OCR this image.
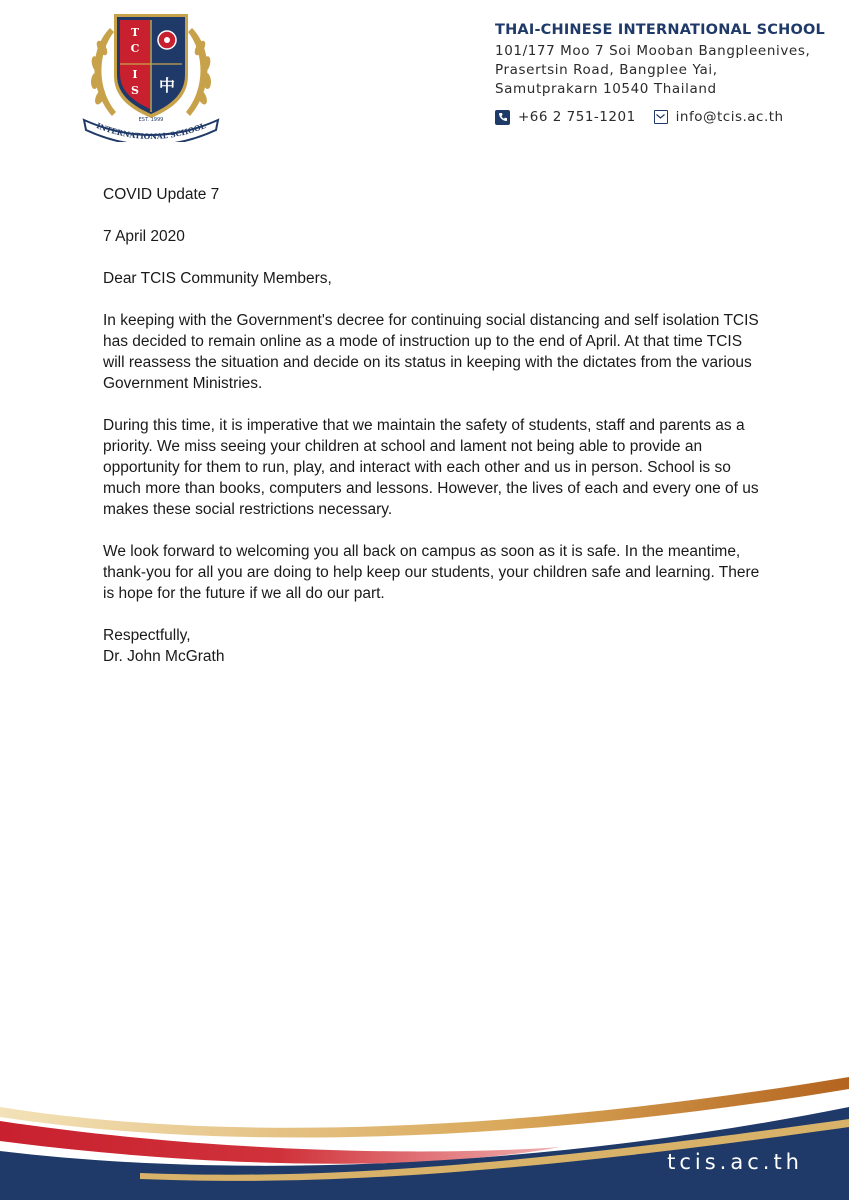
T
C
I
S 中
EST. 1999
INTERNATIONAL SCHOOL
THAI-CHINESE INTERNATIONAL SCHOOL
101/177 Moo 7 Soi Mooban Bangpleenives,
Prasertsin Road, Bangplee Yai,
Samutprakarn 10540 Thailand
+66 2 751-1201	info@tcis.ac.th

COVID Update 7

7 April 2020

Dear TCIS Community Members,

In keeping with the Government's decree for continuing social distancing and self isolation TCIS has decided to remain online as a mode of instruction up to the end of April. At that time TCIS will reassess the situation and decide on its status in keeping with the dictates from the various Government Ministries.

During this time, it is imperative that we maintain the safety of students, staff and parents as a priority. We miss seeing your children at school and lament not being able to provide an opportunity for them to run, play, and interact with each other and us in person. School is so much more than books, computers and lessons. However, the lives of each and every one of us makes these social restrictions necessary.

We look forward to welcoming you all back on campus as soon as it is safe. In the meantime, thank-you for all you are doing to help keep our students, your children safe and learning. There is hope for the future if we all do our part.

Respectfully,

Dr. John McGrath

tcis.ac.th
